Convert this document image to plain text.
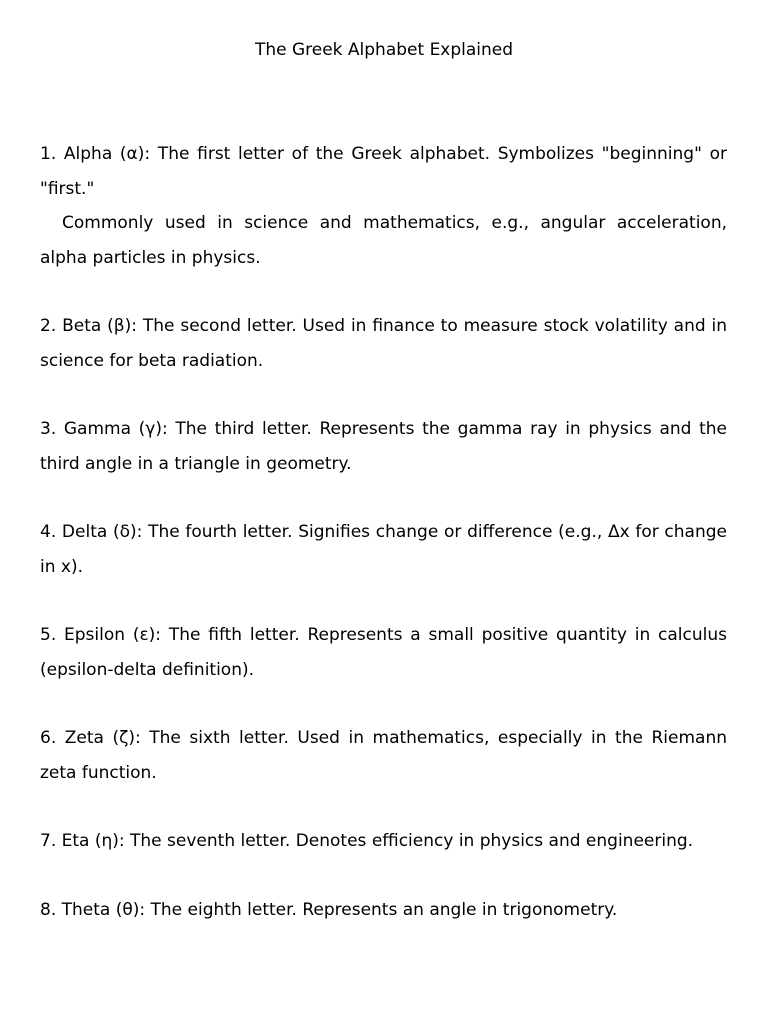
The Greek Alphabet Explained

1. Alpha (α): The first letter of the Greek alphabet. Symbolizes "beginning" or "first."

Commonly used in science and mathematics, e.g., angular acceleration, alpha particles in physics.

2. Beta (β): The second letter. Used in finance to measure stock volatility and in science for beta radiation.

3. Gamma (γ): The third letter. Represents the gamma ray in physics and the third angle in a triangle in geometry.

4. Delta (δ): The fourth letter. Signifies change or difference (e.g., Δx for change in x).

5. Epsilon (ε): The fifth letter. Represents a small positive quantity in calculus (epsilon-delta definition).

6. Zeta (ζ): The sixth letter. Used in mathematics, especially in the Riemann zeta function.

7. Eta (η): The seventh letter. Denotes efficiency in physics and engineering.

8. Theta (θ): The eighth letter. Represents an angle in trigonometry.
